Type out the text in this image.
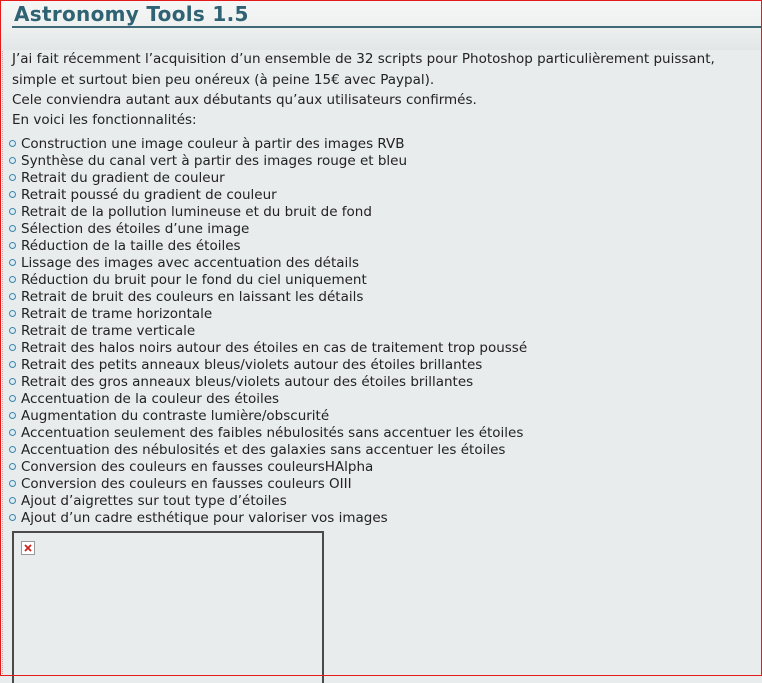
Astronomy Tools 1.5

J’ai fait récemment l’acquisition d’un ensemble de 32 scripts pour Photoshop particulièrement puissant,

simple et surtout bien peu onéreux (à peine 15€ avec Paypal).

Cele conviendra autant aux débutants qu’aux utilisateurs confirmés.

En voici les fonctionnalités:

Construction une image couleur à partir des images RVB
Synthèse du canal vert à partir des images rouge et bleu
Retrait du gradient de couleur
Retrait poussé du gradient de couleur
Retrait de la pollution lumineuse et du bruit de fond
Sélection des étoiles d’une image
Réduction de la taille des étoiles
Lissage des images avec accentuation des détails
Réduction du bruit pour le fond du ciel uniquement
Retrait de bruit des couleurs en laissant les détails
Retrait de trame horizontale
Retrait de trame verticale
Retrait des halos noirs autour des étoiles en cas de traitement trop poussé
Retrait des petits anneaux bleus/violets autour des étoiles brillantes
Retrait des gros anneaux bleus/violets autour des étoiles brillantes
Accentuation de la couleur des étoiles
Augmentation du contraste lumière/obscurité
Accentuation seulement des faibles nébulosités sans accentuer les étoiles
Accentuation des nébulosités et des galaxies sans accentuer les étoiles
Conversion des couleurs en fausses couleursHAlpha
Conversion des couleurs en fausses couleurs OIII
Ajout d’aigrettes sur tout type d’étoiles
Ajout d’un cadre esthétique pour valoriser vos images
